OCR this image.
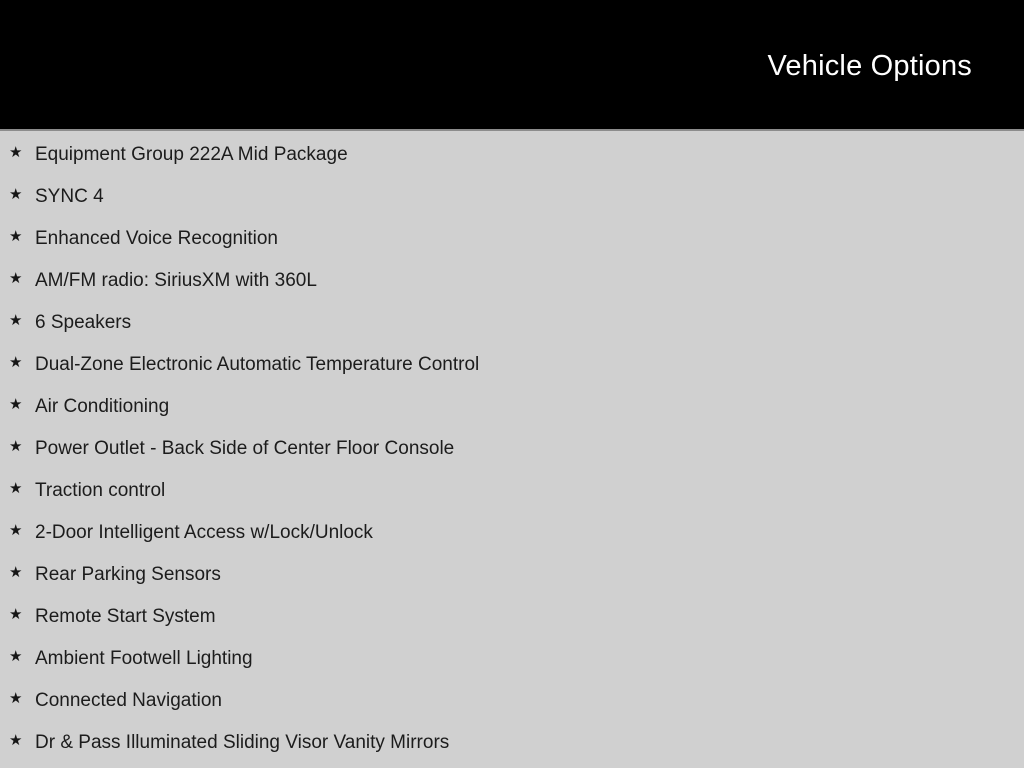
Vehicle Options
★ Equipment Group 222A Mid Package
★ SYNC 4
★ Enhanced Voice Recognition
★ AM/FM radio: SiriusXM with 360L
★ 6 Speakers
★ Dual-Zone Electronic Automatic Temperature Control
★ Air Conditioning
★ Power Outlet - Back Side of Center Floor Console
★ Traction control
★ 2-Door Intelligent Access w/Lock/Unlock
★ Rear Parking Sensors
★ Remote Start System
★ Ambient Footwell Lighting
★ Connected Navigation
★ Dr & Pass Illuminated Sliding Visor Vanity Mirrors
